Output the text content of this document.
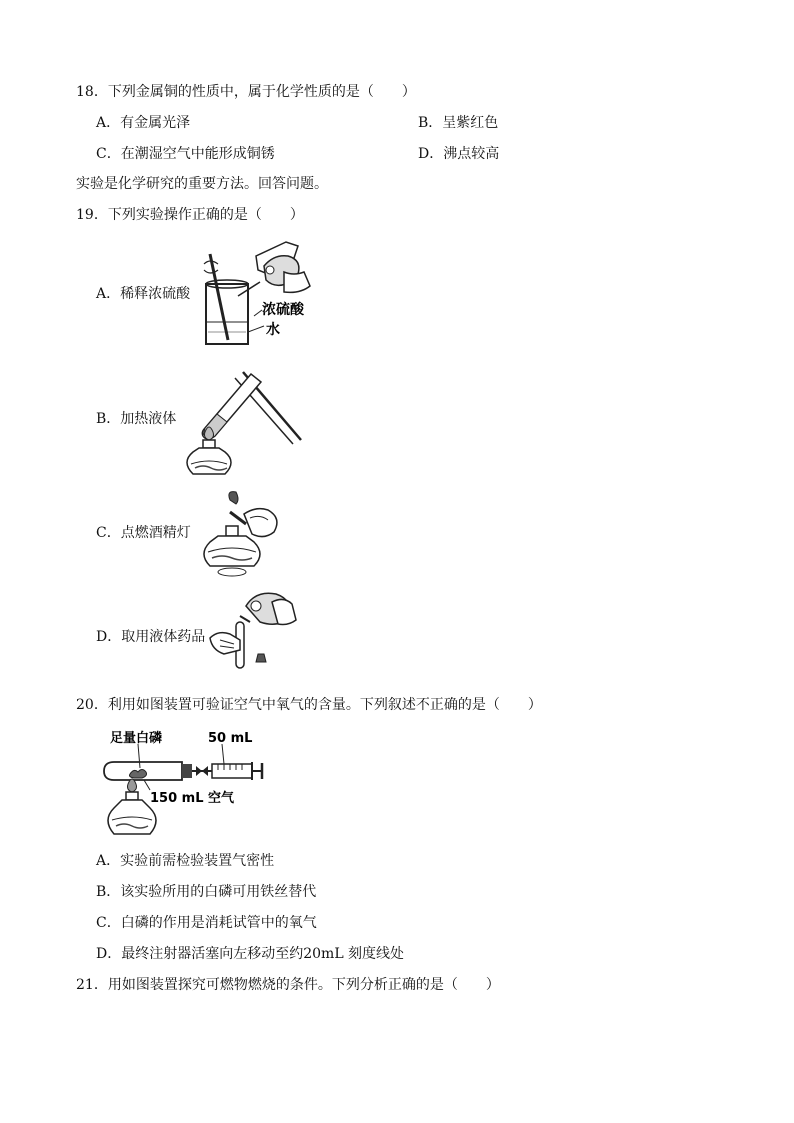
18．下列金属铜的性质中，属于化学性质的是（　　）
A．有金属光泽	B．呈紫红色
C．在潮湿空气中能形成铜锈	D．沸点较高
实验是化学研究的重要方法。回答问题。
19．下列实验操作正确的是（　　）
A．稀释浓硫酸
浓硫酸
水
B．加热液体
C．点燃酒精灯
D．取用液体药品
20．利用如图装置可验证空气中氧气的含量。下列叙述不正确的是（　　）
足量白磷	50 mL
150 mL 空气
A．实验前需检验装置气密性
B．该实验所用的白磷可用铁丝替代
C．白磷的作用是消耗试管中的氧气
D．最终注射器活塞向左移动至约20mL 刻度线处
21．用如图装置探究可燃物燃烧的条件。下列分析正确的是（　　）
